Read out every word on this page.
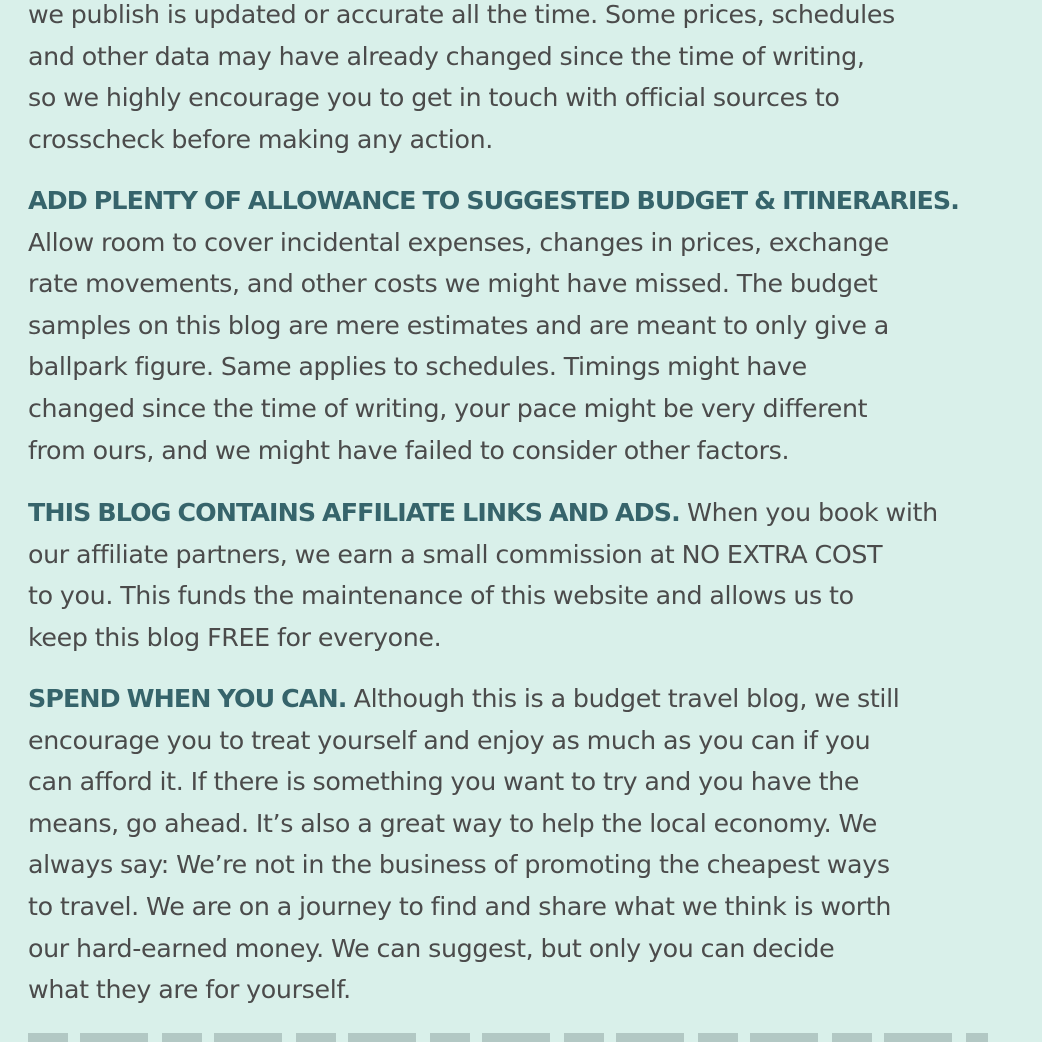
we publish is updated or accurate all the time. Some prices, schedules
and other data may have already changed since the time of writing,
so we highly encourage you to get in touch with official sources to
crosscheck before making any action.

ADD PLENTY OF ALLOWANCE TO SUGGESTED BUDGET & ITINERARIES.
Allow room to cover incidental expenses, changes in prices, exchange
rate movements, and other costs we might have missed. The budget
samples on this blog are mere estimates and are meant to only give a
ballpark figure. Same applies to schedules. Timings might have
changed since the time of writing, your pace might be very different
from ours, and we might have failed to consider other factors.

THIS BLOG CONTAINS AFFILIATE LINKS AND ADS. When you book with
our affiliate partners, we earn a small commission at NO EXTRA COST
to you. This funds the maintenance of this website and allows us to
keep this blog FREE for everyone.

SPEND WHEN YOU CAN. Although this is a budget travel blog, we still
encourage you to treat yourself and enjoy as much as you can if you
can afford it. If there is something you want to try and you have the
means, go ahead. It’s also a great way to help the local economy. We
always say: We’re not in the business of promoting the cheapest ways
to travel. We are on a journey to find and share what we think is worth
our hard-earned money. We can suggest, but only you can decide
what they are for yourself.
